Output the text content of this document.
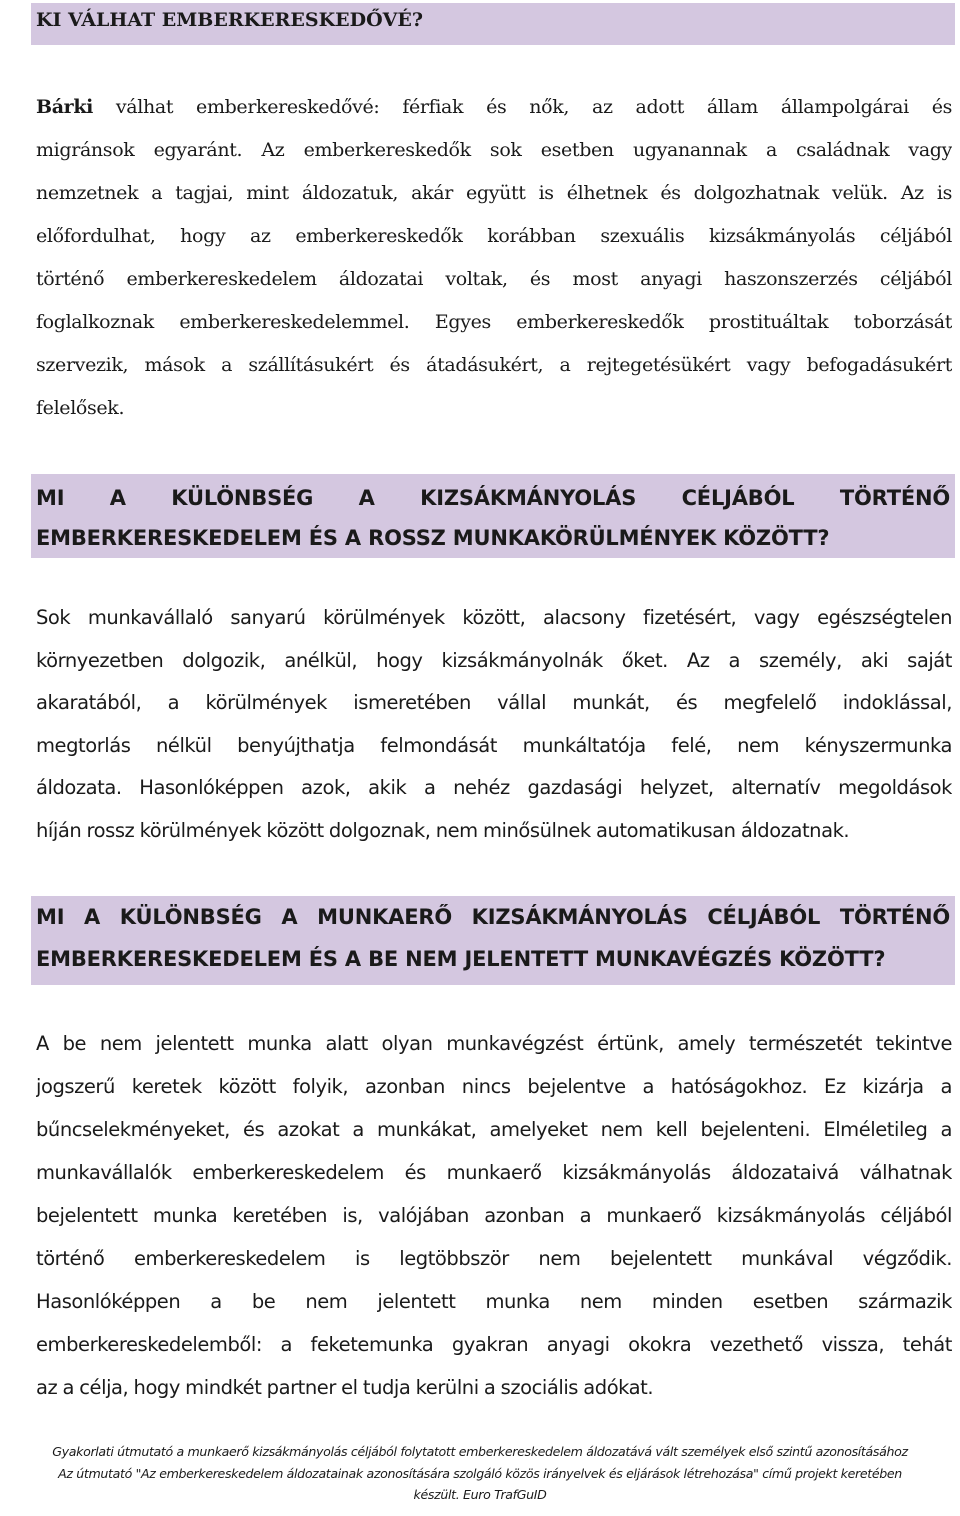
KI VÁLHAT EMBERKERESKEDŐVÉ?
Bárki válhat emberkereskedővé: férfiak és nők, az adott állam állampolgárai és
migránsok egyaránt. Az emberkereskedők sok esetben ugyanannak a családnak vagy
nemzetnek a tagjai, mint áldozatuk, akár együtt is élhetnek és dolgozhatnak velük. Az is
előfordulhat, hogy az emberkereskedők korábban szexuális kizsákmányolás céljából
történő emberkereskedelem áldozatai voltak, és most anyagi haszonszerzés céljából
foglalkoznak emberkereskedelemmel. Egyes emberkereskedők prostituáltak toborzását
szervezik, mások a szállításukért és átadásukért, a rejtegetésükért vagy befogadásukért
felelősek.
MI A KÜLÖNBSÉG A KIZSÁKMÁNYOLÁS CÉLJÁBÓL TÖRTÉNŐ
EMBERKERESKEDELEM ÉS A ROSSZ MUNKAKÖRÜLMÉNYEK KÖZÖTT?
Sok munkavállaló sanyarú körülmények között, alacsony fizetésért, vagy egészségtelen
környezetben dolgozik, anélkül, hogy kizsákmányolnák őket. Az a személy, aki saját
akaratából, a körülmények ismeretében vállal munkát, és megfelelő indoklással,
megtorlás nélkül benyújthatja felmondását munkáltatója felé, nem kényszermunka
áldozata. Hasonlóképpen azok, akik a nehéz gazdasági helyzet, alternatív megoldások
híján rossz körülmények között dolgoznak, nem minősülnek automatikusan áldozatnak.
MI A KÜLÖNBSÉG A MUNKAERŐ KIZSÁKMÁNYOLÁS CÉLJÁBÓL TÖRTÉNŐ
EMBERKERESKEDELEM ÉS A BE NEM JELENTETT MUNKAVÉGZÉS KÖZÖTT?
A be nem jelentett munka alatt olyan munkavégzést értünk, amely természetét tekintve
jogszerű keretek között folyik, azonban nincs bejelentve a hatóságokhoz. Ez kizárja a
bűncselekményeket, és azokat a munkákat, amelyeket nem kell bejelenteni. Elméletileg a
munkavállalók emberkereskedelem és munkaerő kizsákmányolás áldozataivá válhatnak
bejelentett munka keretében is, valójában azonban a munkaerő kizsákmányolás céljából
történő emberkereskedelem is legtöbbször nem bejelentett munkával végződik.
Hasonlóképpen a be nem jelentett munka nem minden esetben származik
emberkereskedelemből: a feketemunka gyakran anyagi okokra vezethető vissza, tehát
az a célja, hogy mindkét partner el tudja kerülni a szociális adókat.
Gyakorlati útmutató a munkaerő kizsákmányolás céljából folytatott emberkereskedelem áldozatává vált személyek első szintű azonosításához
Az útmutató "Az emberkereskedelem áldozatainak azonosítására szolgáló közös irányelvek és eljárások létrehozása" című projekt keretében
készült. Euro TrafGuID
